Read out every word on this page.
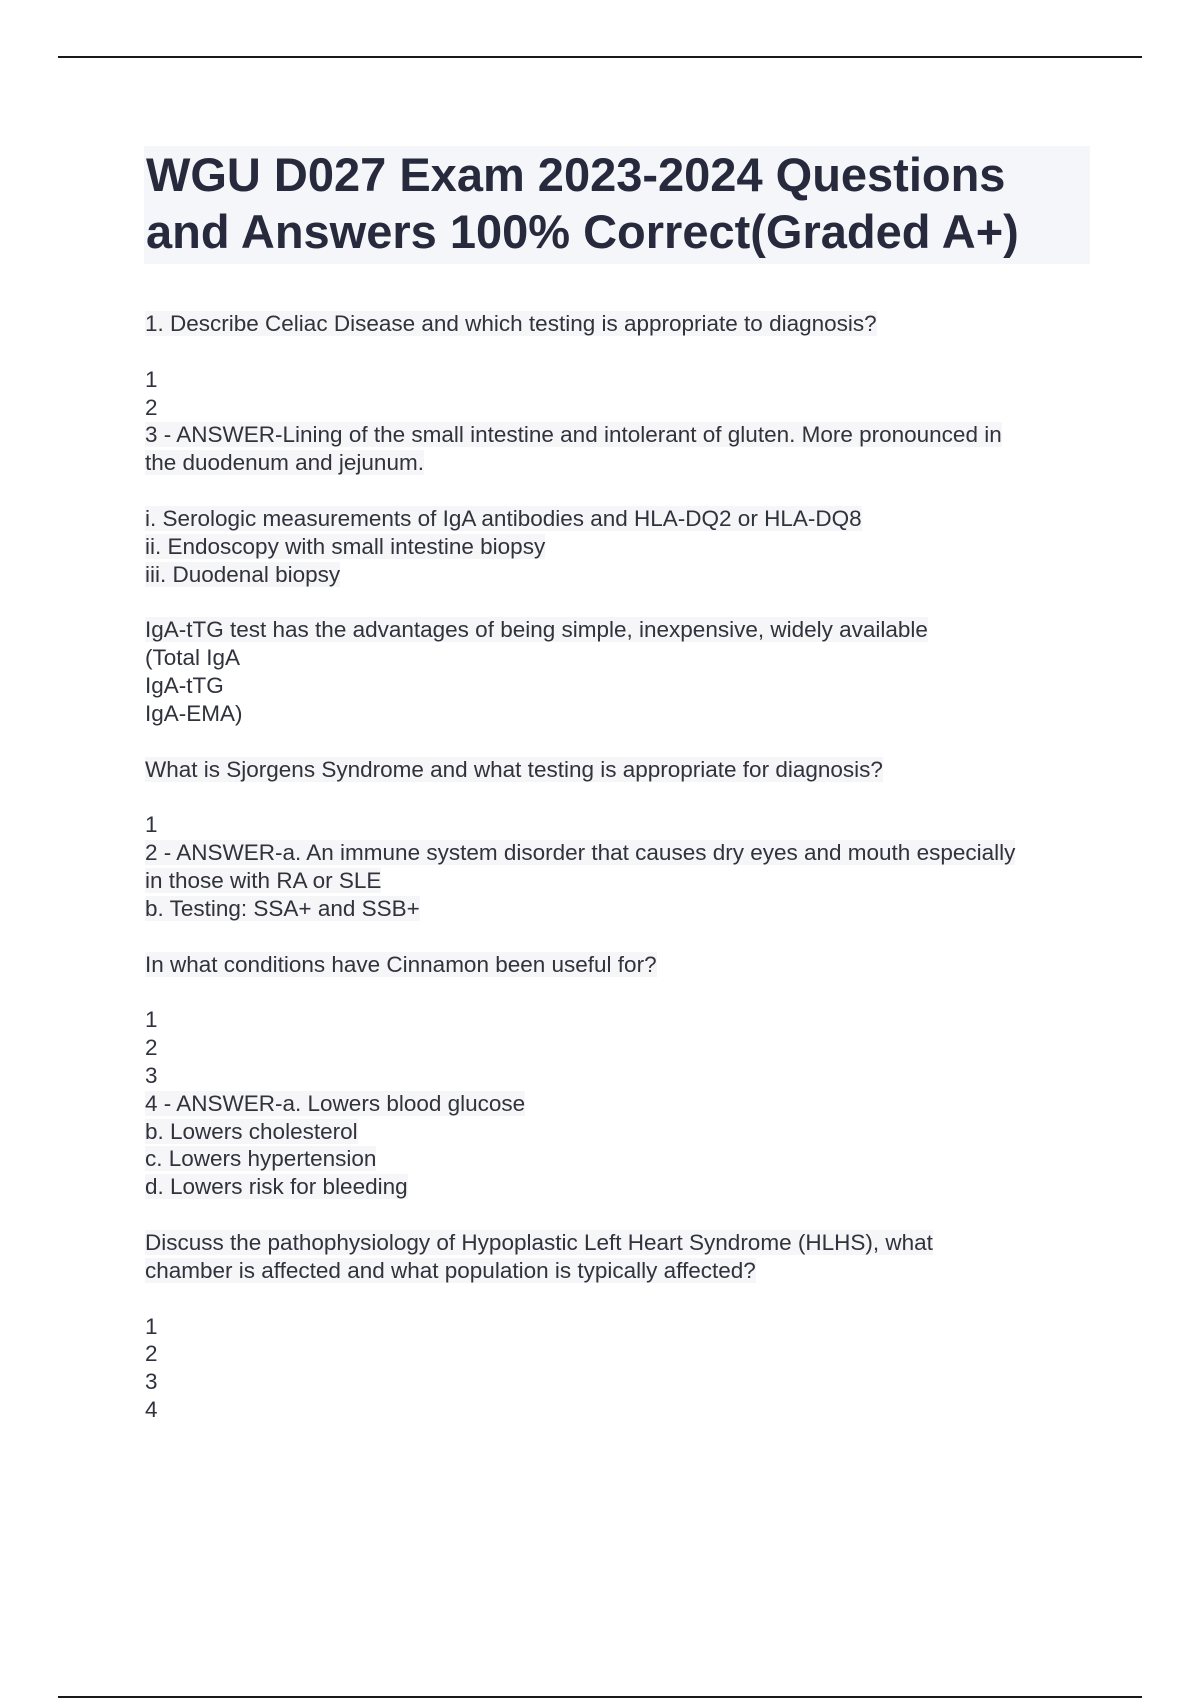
WGU D027 Exam 2023-2024 Questions
and Answers 100% Correct(Graded A+)
1. Describe Celiac Disease and which testing is appropriate to diagnosis?
1
2
3 - ANSWER-Lining of the small intestine and intolerant of gluten. More pronounced in
the duodenum and jejunum.
i. Serologic measurements of IgA antibodies and HLA-DQ2 or HLA-DQ8
ii. Endoscopy with small intestine biopsy
iii. Duodenal biopsy
IgA-tTG test has the advantages of being simple, inexpensive, widely available
(Total IgA
IgA-tTG
IgA-EMA)
What is Sjorgens Syndrome and what testing is appropriate for diagnosis?
1
2 - ANSWER-a. An immune system disorder that causes dry eyes and mouth especially
in those with RA or SLE
b. Testing: SSA+ and SSB+
In what conditions have Cinnamon been useful for?
1
2
3
4 - ANSWER-a. Lowers blood glucose
b. Lowers cholesterol
c. Lowers hypertension
d. Lowers risk for bleeding
Discuss the pathophysiology of Hypoplastic Left Heart Syndrome (HLHS), what
chamber is affected and what population is typically affected?
1
2
3
4
